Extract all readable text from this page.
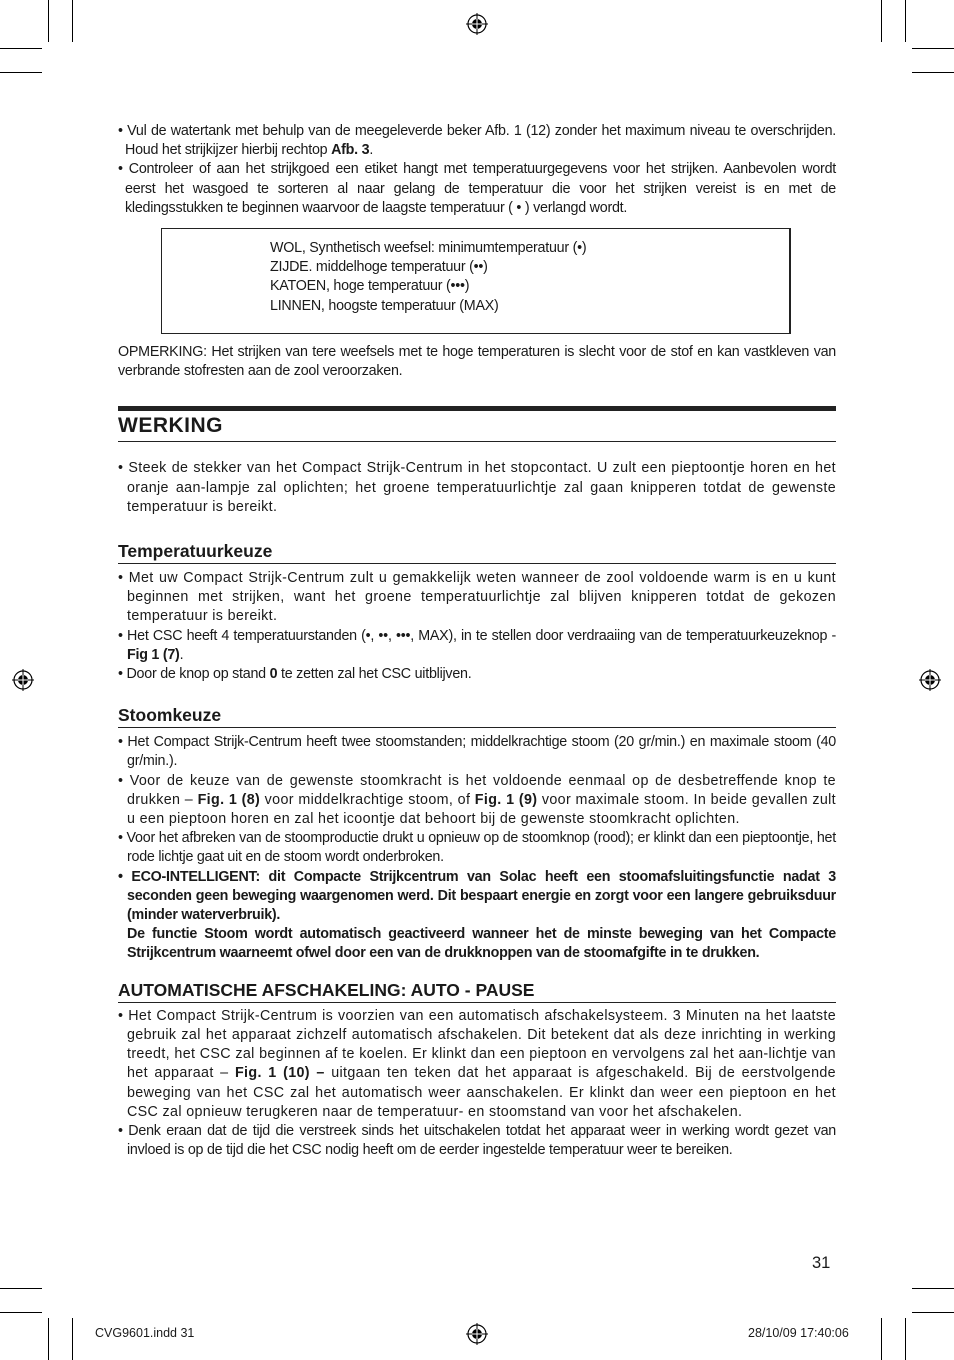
• Vul de watertank met behulp van de meegeleverde beker Afb. 1 (12) zonder het maximum niveau te overschrijden. Houd het strijkijzer hierbij rechtop Afb. 3.

• Controleer of aan het strijkgoed een etiket hangt met temperatuurgegevens voor het strijken. Aanbevolen wordt eerst het wasgoed te sorteren al naar gelang de temperatuur die voor het strijken vereist is en met de kledingsstukken te beginnen waarvoor de laagste temperatuur ( • ) verlangd wordt.

WOL, Synthetisch weefsel: minimumtemperatuur (•)
ZIJDE. middelhoge temperatuur (••)
KATOEN, hoge temperatuur (•••)
LINNEN, hoogste temperatuur (MAX)

OPMERKING: Het strijken van tere weefsels met te hoge temperaturen is slecht voor de stof en kan vastkleven van verbrande stofresten aan de zool veroorzaken.

WERKING

• Steek de stekker van het Compact Strijk-Centrum in het stopcontact. U zult een pieptoontje horen en het oranje aan-lampje zal oplichten; het groene temperatuurlichtje zal gaan knipperen totdat de gewenste temperatuur is bereikt.

Temperatuurkeuze

• Met uw Compact Strijk-Centrum zult u gemakkelijk weten wanneer de zool voldoende warm is en u kunt beginnen met strijken, want het groene temperatuurlichtje zal blijven knipperen totdat de gekozen temperatuur is bereikt.

• Het CSC heeft 4 temperatuurstanden (•, ••, •••, MAX), in te stellen door verdraaiing van de temperatuurkeuzeknop - Fig 1 (7).

• Door de knop op stand 0 te zetten zal het CSC uitblijven.

Stoomkeuze

• Het Compact Strijk-Centrum heeft twee stoomstanden; middelkrachtige stoom (20 gr/min.) en maximale stoom (40 gr/min.).

• Voor de keuze van de gewenste stoomkracht is het voldoende eenmaal op de desbetreffende knop te drukken – Fig. 1 (8) voor middelkrachtige stoom, of Fig. 1 (9) voor maximale stoom. In beide gevallen zult u een pieptoon horen en zal het icoontje dat behoort bij de gewenste stoomkracht oplichten.

• Voor het afbreken van de stoomproductie drukt u opnieuw op de stoomknop (rood); er klinkt dan een pieptoontje, het rode lichtje gaat uit en de stoom wordt onderbroken.

• ECO-INTELLIGENT: dit Compacte Strijkcentrum van Solac heeft een stoomafsluitingsfunctie nadat 3 seconden geen beweging waargenomen werd. Dit bespaart energie en zorgt voor een langere gebruiksduur (minder waterverbruik).

De functie Stoom wordt automatisch geactiveerd wanneer het de minste beweging van het Compacte Strijkcentrum waarneemt ofwel door een van de drukknoppen van de stoomafgifte in te drukken.

AUTOMATISCHE AFSCHAKELING: AUTO - PAUSE

• Het Compact Strijk-Centrum is voorzien van een automatisch afschakelsysteem. 3 Minuten na het laatste gebruik zal het apparaat zichzelf automatisch afschakelen. Dit betekent dat als deze inrichting in werking treedt, het CSC zal beginnen af te koelen. Er klinkt dan een pieptoon en vervolgens zal het aan-lichtje van het apparaat – Fig. 1 (10) – uitgaan ten teken dat het apparaat is afgeschakeld. Bij de eerstvolgende beweging van het CSC zal het automatisch weer aanschakelen. Er klinkt dan weer een pieptoon en het CSC zal opnieuw terugkeren naar de temperatuur- en stoomstand van voor het afschakelen.

• Denk eraan dat de tijd die verstreek sinds het uitschakelen totdat het apparaat weer in werking wordt gezet van invloed is op de tijd die het CSC nodig heeft om de eerder ingestelde temperatuur weer te bereiken.

31
CVG9601.indd 31	28/10/09 17:40:06
